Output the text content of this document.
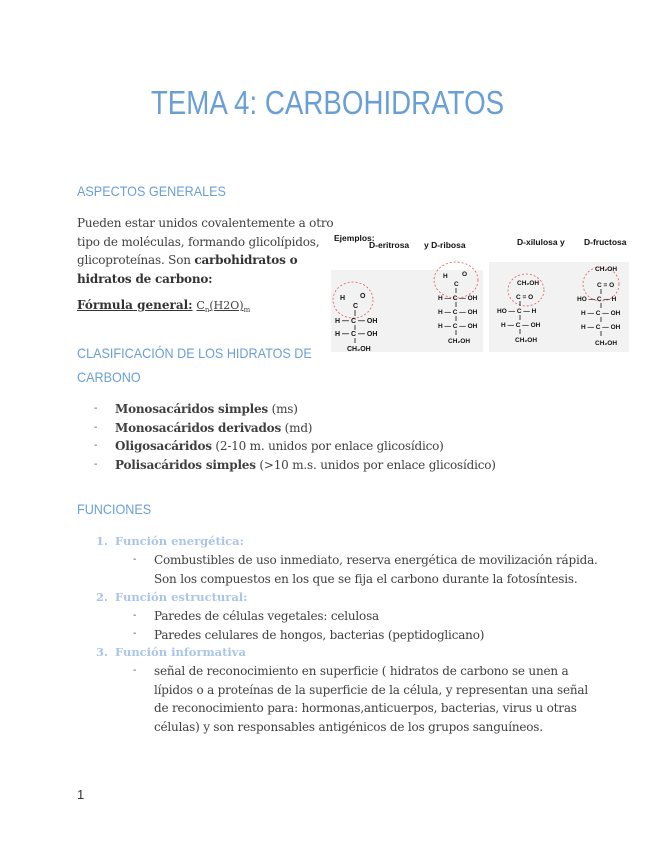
TEMA 4: CARBOHIDRATOS
ASPECTOS GENERALES
Pueden estar unidos covalentemente a otro
tipo de moléculas, formando glicolípidos,
glicoproteínas. Son carbohidratos o
hidratos de carbono:
Fórmula general: $C_n(H2O)_m$
Ejemplos:
D-eritrosa y D-ribosa	D-xilulosa y D-fructosa
H
C
O
H — C — OH
H — C — OH
CH₂OH
H
C
O
H — C — OH
H — C — OH
H — C — OH
CH₂OH
CH₂OH
C = O
HO — C — H
H — C — OH
CH₂OH
CH₂OH
C = O
HO — C — H
H — C — OH
H — C — OH
CH₂OH
CLASIFICACIÓN DE LOS HIDRATOS DE
CARBONO
- Monosacáridos simples (ms)
- Monosacáridos derivados (md)
- Oligosacáridos (2-10 m. unidos por enlace glicosídico)
- Polisacáridos simples (>10 m.s. unidos por enlace glicosídico)
FUNCIONES
1. Función energética:
- Combustibles de uso inmediato, reserva energética de movilización rápida.
Son los compuestos en los que se fija el carbono durante la fotosíntesis.
2. Función estructural:
- Paredes de células vegetales: celulosa
- Paredes celulares de hongos, bacterias (peptidoglicano)
3. Función informativa
- señal de reconocimiento en superficie ( hidratos de carbono se unen a
lípidos o a proteínas de la superficie de la célula, y representan una señal
de reconocimiento para: hormonas,anticuerpos, bacterias, virus u otras
células) y son responsables antigénicos de los grupos sanguíneos.
1
